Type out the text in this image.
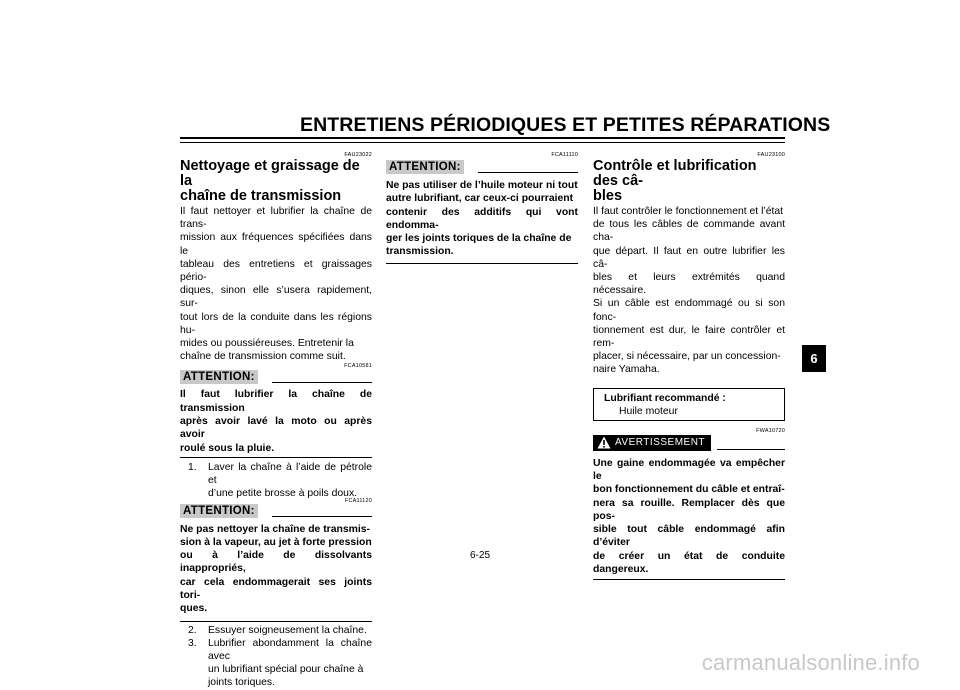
ENTRETIENS PÉRIODIQUES ET PETITES RÉPARATIONS
FAU23022
Nettoyage et graissage de la
chaîne de transmission
Il faut nettoyer et lubrifier la chaîne de trans-
mission aux fréquences spécifiées dans le
tableau des entretiens et graissages pério-
diques, sinon elle s’usera rapidement, sur-
tout lors de la conduite dans les régions hu-
mides ou poussiéreuses. Entretenir la
chaîne de transmission comme suit.
FCA10581
ATTENTION:
Il faut lubrifier la chaîne de transmission
après avoir lavé la moto ou après avoir
roulé sous la pluie.
1.	Laver la chaîne à l’aide de pétrole et
d’une petite brosse à poils doux.
FCA11120
ATTENTION:
Ne pas nettoyer la chaîne de transmis-
sion à la vapeur, au jet à forte pression
ou à l’aide de dissolvants inappropriés,
car cela endommagerait ses joints tori-
ques.
2.	Essuyer soigneusement la chaîne.
3.	Lubrifier abondamment la chaîne avec
un lubrifiant spécial pour chaîne à
joints toriques.
FCA11110
ATTENTION:
Ne pas utiliser de l’huile moteur ni tout
autre lubrifiant, car ceux-ci pourraient
contenir des additifs qui vont endomma-
ger les joints toriques de la chaîne de
transmission.
FAU23100
Contrôle et lubrification des câ-
bles
Il faut contrôler le fonctionnement et l’état
de tous les câbles de commande avant cha-
que départ. Il faut en outre lubrifier les câ-
bles et leurs extrémités quand nécessaire.
Si un câble est endommagé ou si son fonc-
tionnement est dur, le faire contrôler et rem-
placer, si nécessaire, par un concession-
naire Yamaha.
Lubrifiant recommandé :
Huile moteur
FWA10720
AVERTISSEMENT
Une gaine endommagée va empêcher le
bon fonctionnement du câble et entraî-
nera sa rouille. Remplacer dès que pos-
sible tout câble endommagé afin d’éviter
de créer un état de conduite dangereux.
6
6-25
carmanualsonline.info
